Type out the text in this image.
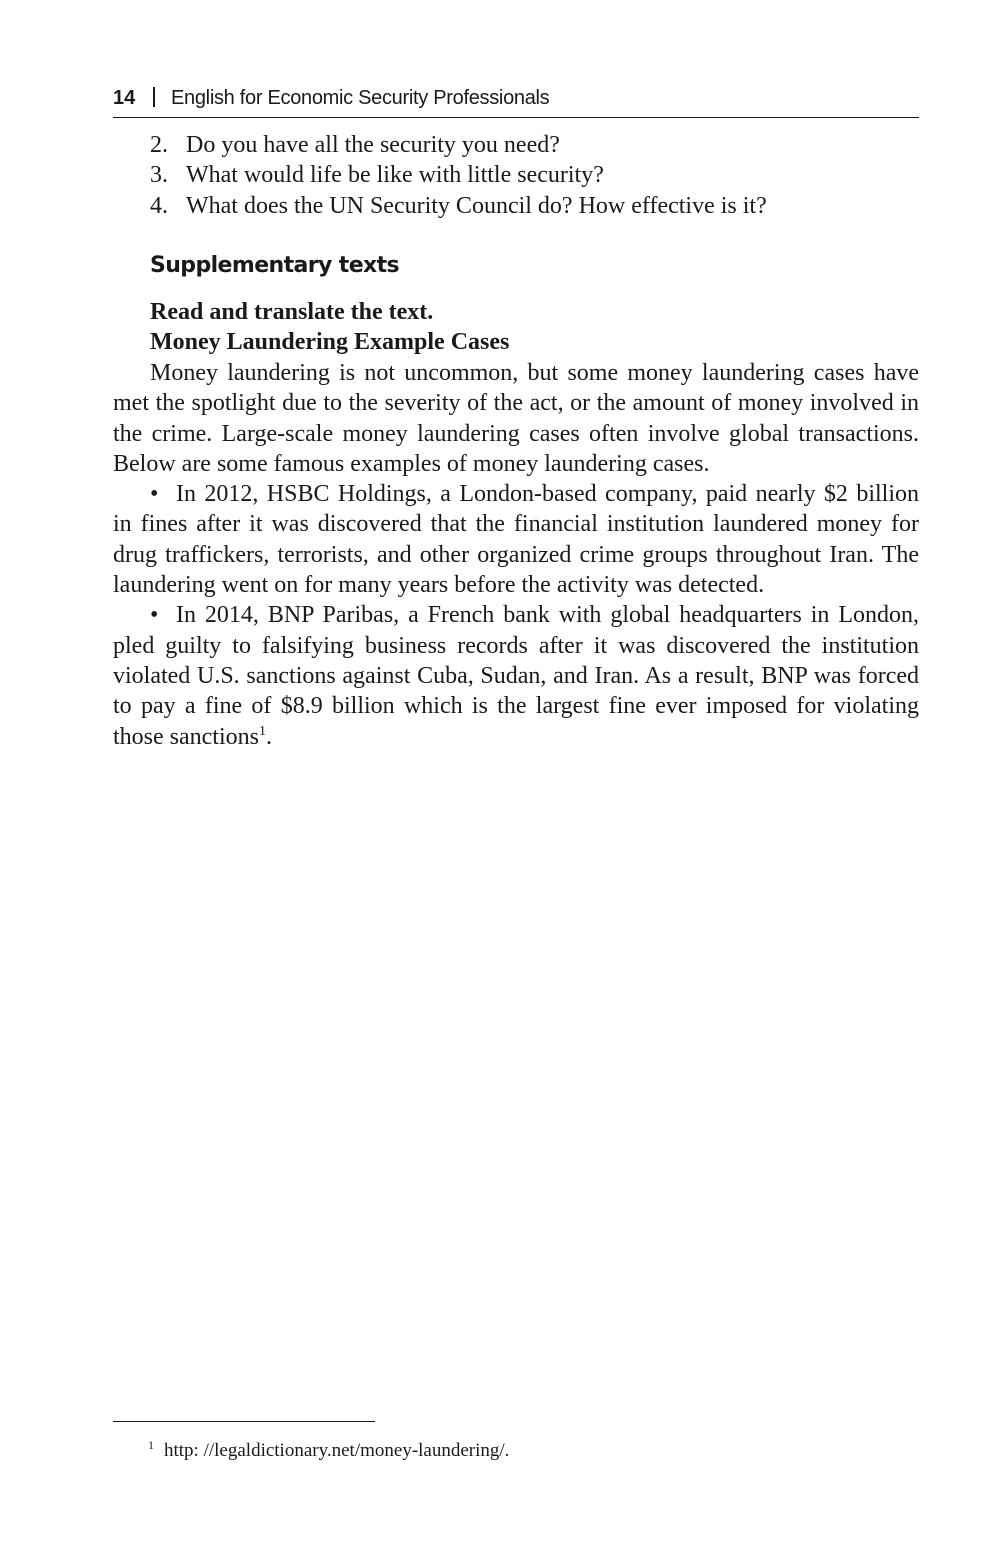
14 English for Economic Security Professionals
2. Do you have all the security you need?
3. What would life be like with little security?
4. What does the UN Security Council do? How effective is it?
Supplementary texts
Read and translate the text.
Money Laundering Example Cases

Money laundering is not uncommon, but some money laundering cases have met the spotlight due to the severity of the act, or the amount of money involved in the crime. Large-scale money laundering cases often involve global transactions. Below are some famous examples of money laundering cases.

• In 2012, HSBC Holdings, a London-based company, paid nearly $2 billion in fines after it was discovered that the financial institution laundered money for drug traffickers, terrorists, and other organized crime groups throughout Iran. The laundering went on for many years before the activity was detected.

• In 2014, BNP Paribas, a French bank with global headquarters in London, pled guilty to falsifying business records after it was discovered the institution violated U.S. sanctions against Cuba, Sudan, and Iran. As a result, BNP was forced to pay a fine of $8.9 billion which is the largest fine ever imposed for violating those sanctions$^1$.

$^1$ http: //legaldictionary.net/money-laundering/.
